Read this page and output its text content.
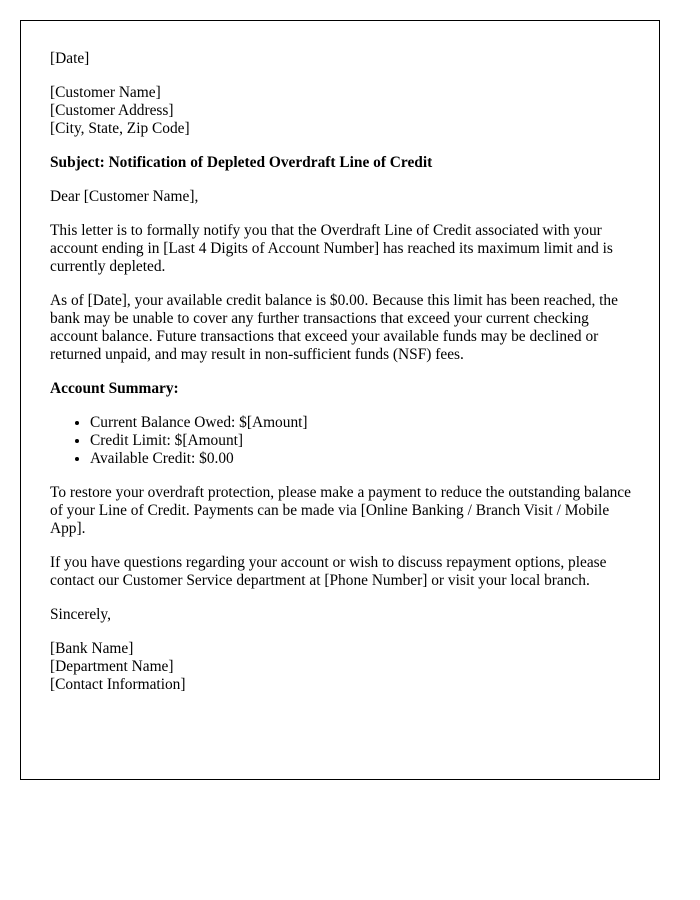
[Date]

[Customer Name]
[Customer Address]
[City, State, Zip Code]

Subject: Notification of Depleted Overdraft Line of Credit

Dear [Customer Name],

This letter is to formally notify you that the Overdraft Line of Credit associated with your account ending in [Last 4 Digits of Account Number] has reached its maximum limit and is currently depleted.

As of [Date], your available credit balance is $0.00. Because this limit has been reached, the bank may be unable to cover any further transactions that exceed your current checking account balance. Future transactions that exceed your available funds may be declined or returned unpaid, and may result in non-sufficient funds (NSF) fees.

Account Summary:

• Current Balance Owed: $[Amount]
• Credit Limit: $[Amount]
• Available Credit: $0.00

To restore your overdraft protection, please make a payment to reduce the outstanding balance of your Line of Credit. Payments can be made via [Online Banking / Branch Visit / Mobile App].

If you have questions regarding your account or wish to discuss repayment options, please contact our Customer Service department at [Phone Number] or visit your local branch.

Sincerely,

[Bank Name]
[Department Name]
[Contact Information]
